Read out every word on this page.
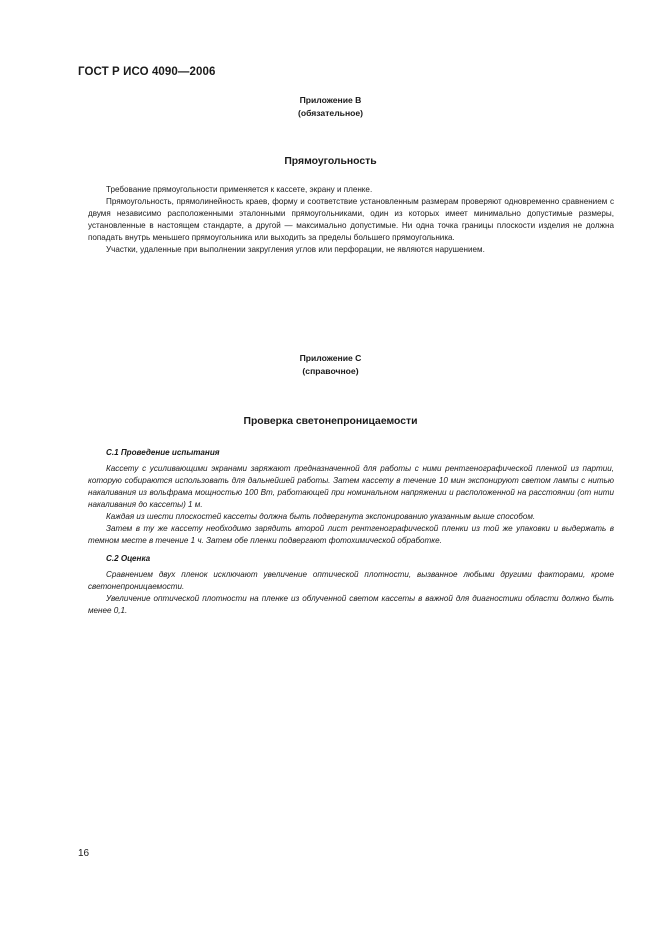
ГОСТ Р ИСО 4090—2006
Приложение В
(обязательное)
Прямоугольность

Требование прямоугольности применяется к кассете, экрану и пленке.

Прямоугольность, прямолинейность краев, форму и соответствие установленным размерам проверяют одновременно сравнением с двумя независимо расположенными эталонными прямоугольниками, один из которых имеет минимально допустимые размеры, установленные в настоящем стандарте, а другой — максимально допустимые. Ни одна точка границы плоскости изделия не должна попадать внутрь меньшего прямоугольника или выходить за пределы большего прямоугольника.

Участки, удаленные при выполнении закругления углов или перфорации, не являются нарушением.

Приложение С
(справочное)
Проверка светонепроницаемости
С.1 Проведение испытания

Кассету с усиливающими экранами заряжают предназначенной для работы с ними рентгенографической пленкой из партии, которую собираются использовать для дальнейшей работы. Затем кассету в течение 10 мин экспонируют светом лампы с нитью накаливания из вольфрама мощностью 100 Вт, работающей при номинальном напряжении и расположенной на расстоянии (от нити накаливания до кассеты) 1 м.

Каждая из шести плоскостей кассеты должна быть подвергнута экспонированию указанным выше способом.

Затем в ту же кассету необходимо зарядить второй лист рентгенографической пленки из той же упаковки и выдержать в темном месте в течение 1 ч. Затем обе пленки подвергают фотохимической обработке.

С.2 Оценка

Сравнением двух пленок исключают увеличение оптической плотности, вызванное любыми другими факторами, кроме светонепроницаемости.

Увеличение оптической плотности на пленке из облученной светом кассеты в важной для диагностики области должно быть менее 0,1.

16
